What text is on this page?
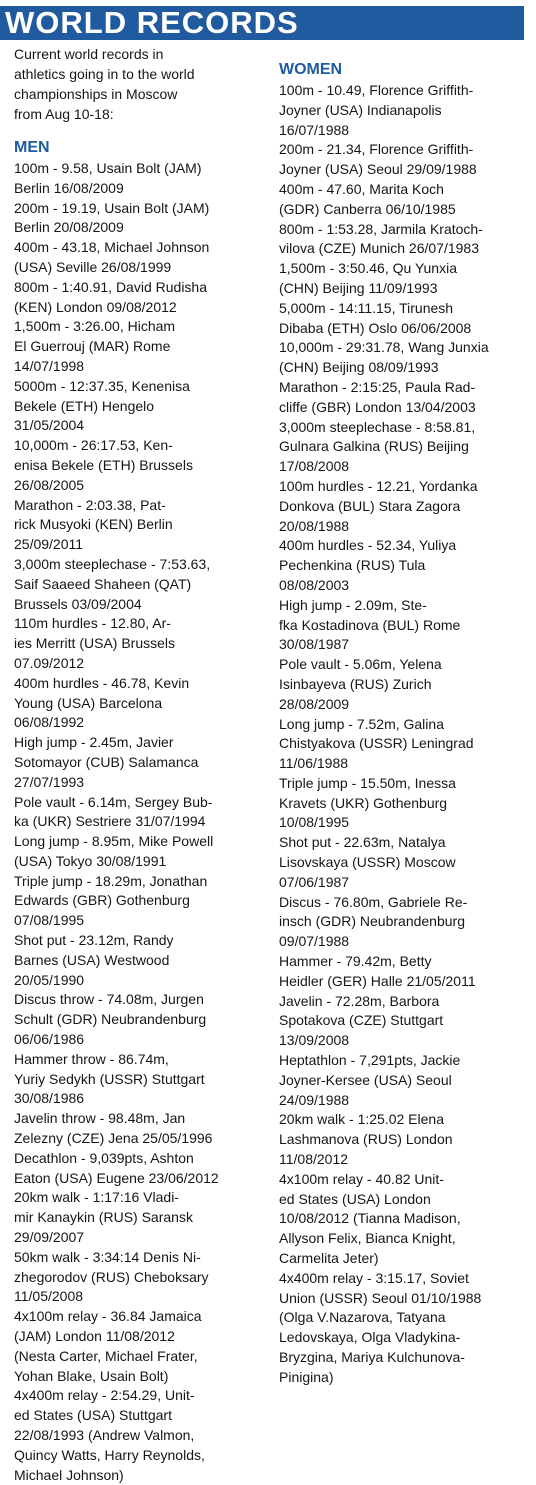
WORLD RECORDS

Current world records in
athletics going in to the world
championships in Moscow
from Aug 10-18:

MEN
100m - 9.58, Usain Bolt (JAM)
Berlin 16/08/2009
200m - 19.19, Usain Bolt (JAM)
Berlin 20/08/2009
400m - 43.18, Michael Johnson
(USA) Seville 26/08/1999
800m - 1:40.91, David Rudisha
(KEN) London 09/08/2012
1,500m - 3:26.00, Hicham
El Guerrouj (MAR) Rome
14/07/1998
5000m - 12:37.35, Kenenisa
Bekele (ETH) Hengelo
31/05/2004
10,000m - 26:17.53, Ken-
enisa Bekele (ETH) Brussels
26/08/2005
Marathon - 2:03.38, Pat-
rick Musyoki (KEN) Berlin
25/09/2011
3,000m steeplechase - 7:53.63,
Saif Saaeed Shaheen (QAT)
Brussels 03/09/2004
110m hurdles - 12.80, Ar-
ies Merritt (USA) Brussels
07.09/2012
400m hurdles - 46.78, Kevin
Young (USA) Barcelona
06/08/1992
High jump - 2.45m, Javier
Sotomayor (CUB) Salamanca
27/07/1993
Pole vault - 6.14m, Sergey Bub-
ka (UKR) Sestriere 31/07/1994
Long jump - 8.95m, Mike Powell
(USA) Tokyo 30/08/1991
Triple jump - 18.29m, Jonathan
Edwards (GBR) Gothenburg
07/08/1995
Shot put - 23.12m, Randy
Barnes (USA) Westwood
20/05/1990
Discus throw - 74.08m, Jurgen
Schult (GDR) Neubrandenburg
06/06/1986
Hammer throw - 86.74m,
Yuriy Sedykh (USSR) Stuttgart
30/08/1986
Javelin throw - 98.48m, Jan
Zelezny (CZE) Jena 25/05/1996
Decathlon - 9,039pts, Ashton
Eaton (USA) Eugene 23/06/2012
20km walk - 1:17:16 Vladi-
mir Kanaykin (RUS) Saransk
29/09/2007
50km walk - 3:34:14 Denis Ni-
zhegorodov (RUS) Cheboksary
11/05/2008
4x100m relay - 36.84 Jamaica
(JAM) London 11/08/2012
(Nesta Carter, Michael Frater,
Yohan Blake, Usain Bolt)
4x400m relay - 2:54.29, Unit-
ed States (USA) Stuttgart
22/08/1993 (Andrew Valmon,
Quincy Watts, Harry Reynolds,
Michael Johnson)
WOMEN
100m - 10.49, Florence Griffith-
Joyner (USA) Indianapolis
16/07/1988
200m - 21.34, Florence Griffith-
Joyner (USA) Seoul 29/09/1988
400m - 47.60, Marita Koch
(GDR) Canberra 06/10/1985
800m - 1:53.28, Jarmila Kratoch-
vilova (CZE) Munich 26/07/1983
1,500m - 3:50.46, Qu Yunxia
(CHN) Beijing 11/09/1993
5,000m - 14:11.15, Tirunesh
Dibaba (ETH) Oslo 06/06/2008
10,000m - 29:31.78, Wang Junxia
(CHN) Beijing 08/09/1993
Marathon - 2:15:25, Paula Rad-
cliffe (GBR) London 13/04/2003
3,000m steeplechase - 8:58.81,
Gulnara Galkina (RUS) Beijing
17/08/2008
100m hurdles - 12.21, Yordanka
Donkova (BUL) Stara Zagora
20/08/1988
400m hurdles - 52.34, Yuliya
Pechenkina (RUS) Tula
08/08/2003
High jump - 2.09m, Ste-
fka Kostadinova (BUL) Rome
30/08/1987
Pole vault - 5.06m, Yelena
Isinbayeva (RUS) Zurich
28/08/2009
Long jump - 7.52m, Galina
Chistyakova (USSR) Leningrad
11/06/1988
Triple jump - 15.50m, Inessa
Kravets (UKR) Gothenburg
10/08/1995
Shot put - 22.63m, Natalya
Lisovskaya (USSR) Moscow
07/06/1987
Discus - 76.80m, Gabriele Re-
insch (GDR) Neubrandenburg
09/07/1988
Hammer - 79.42m, Betty
Heidler (GER) Halle 21/05/2011
Javelin - 72.28m, Barbora
Spotakova (CZE) Stuttgart
13/09/2008
Heptathlon - 7,291pts, Jackie
Joyner-Kersee (USA) Seoul
24/09/1988
20km walk - 1:25.02 Elena
Lashmanova (RUS) London
11/08/2012
4x100m relay - 40.82 Unit-
ed States (USA) London
10/08/2012 (Tianna Madison,
Allyson Felix, Bianca Knight,
Carmelita Jeter)
4x400m relay - 3:15.17, Soviet
Union (USSR) Seoul 01/10/1988
(Olga V.Nazarova, Tatyana
Ledovskaya, Olga Vladykina-
Bryzgina, Mariya Kulchunova-
Pinigina)
